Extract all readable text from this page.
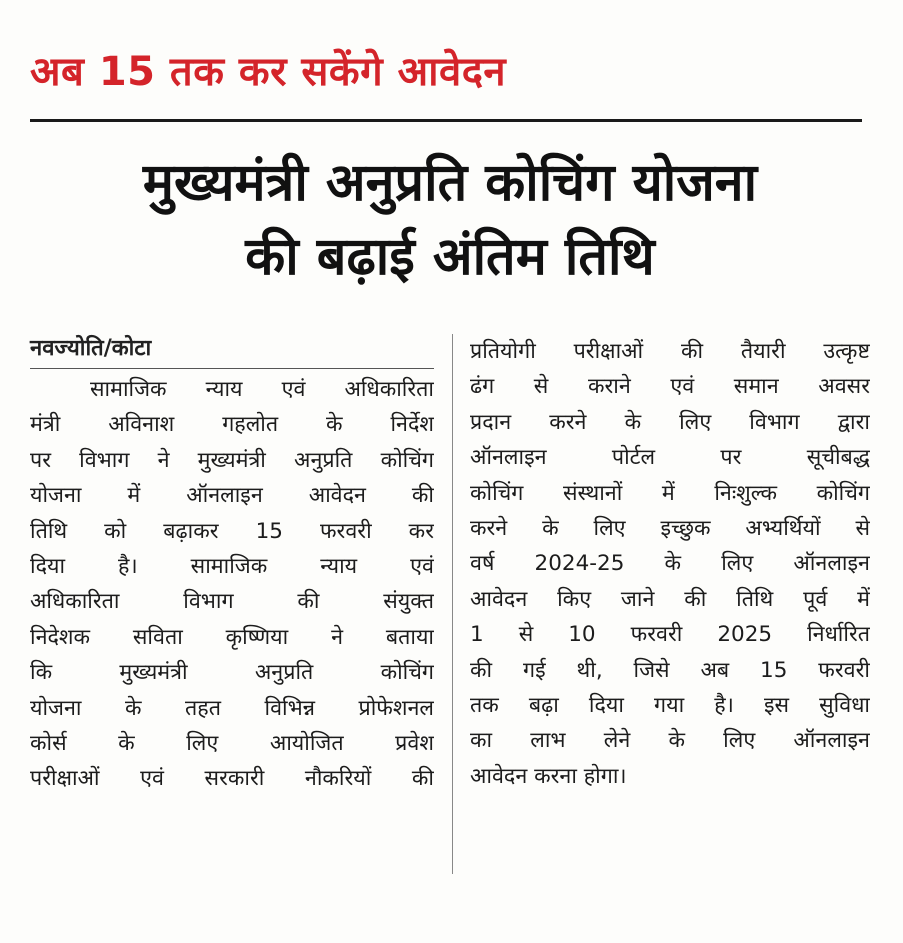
अब 15 तक कर सकेंगे आवेदन
मुख्यमंत्री अनुप्रति कोचिंग योजना
की बढ़ाई अंतिम तिथि
नवज्योति/कोटा
सामाजिक न्याय एवं अधिकारिता
मंत्री अविनाश गहलोत के निर्देश
पर विभाग ने मुख्यमंत्री अनुप्रति कोचिंग
योजना में ऑनलाइन आवेदन की
तिथि को बढ़ाकर 15 फरवरी कर
दिया है। सामाजिक न्याय एवं
अधिकारिता विभाग की संयुक्त
निदेशक सविता कृष्णिया ने बताया
कि मुख्यमंत्री अनुप्रति कोचिंग
योजना के तहत विभिन्न प्रोफेशनल
कोर्स के लिए आयोजित प्रवेश
परीक्षाओं एवं सरकारी नौकरियों की
प्रतियोगी परीक्षाओं की तैयारी उत्कृष्ट
ढंग से कराने एवं समान अवसर
प्रदान करने के लिए विभाग द्वारा
ऑनलाइन पोर्टल पर सूचीबद्ध
कोचिंग संस्थानों में निःशुल्क कोचिंग
करने के लिए इच्छुक अभ्यर्थियों से
वर्ष 2024-25 के लिए ऑनलाइन
आवेदन किए जाने की तिथि पूर्व में
1 से 10 फरवरी 2025 निर्धारित
की गई थी, जिसे अब 15 फरवरी
तक बढ़ा दिया गया है। इस सुविधा
का लाभ लेने के लिए ऑनलाइन
आवेदन करना होगा।
